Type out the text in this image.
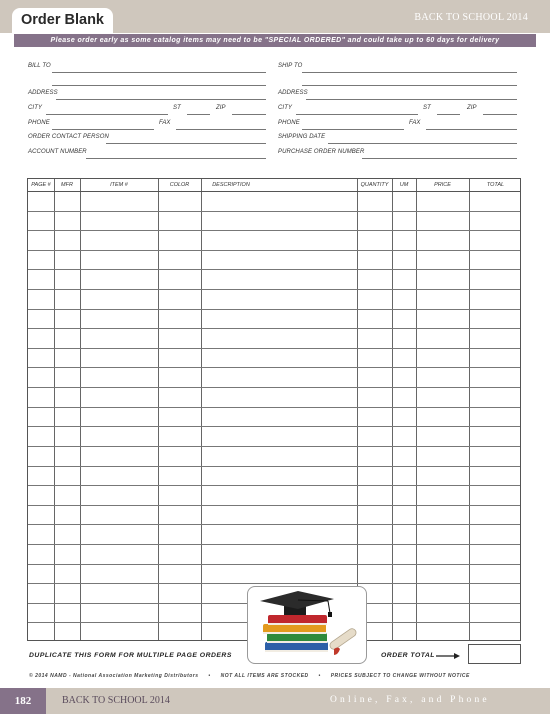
Order Blank	BACK TO SCHOOL 2014
Please order early as some catalog items may need to be "SPECIAL ORDERED" and could take up to 60 days for delivery
BILL TO
ADDRESS
CITY	ST	ZIP
PHONE	FAX
ORDER CONTACT PERSON
ACCOUNT NUMBER
SHIP TO
ADDRESS
CITY	ST	ZIP
PHONE	FAX
SHIPPING DATE
PURCHASE ORDER NUMBER
PAGE #	MFR	ITEM #	COLOR	DESCRIPTION	QUANTITY	UM	PRICE	TOTAL
DUPLICATE THIS FORM FOR MULTIPLE PAGE ORDERS	ORDER TOTAL
© 2014 NAMD - National Association Marketing Distributors • NOT ALL ITEMS ARE STOCKED • PRICES SUBJECT TO CHANGE WITHOUT NOTICE
182	BACK TO SCHOOL 2014	Online, Fax, and Phone
